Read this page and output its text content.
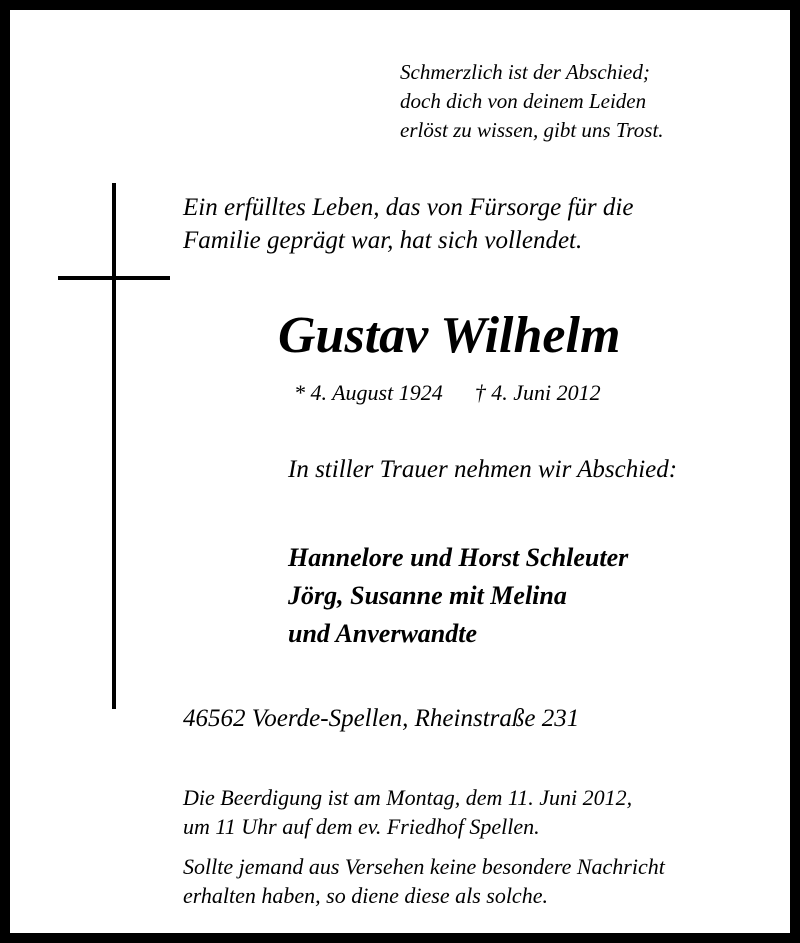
Schmerzlich ist der Abschied;
doch dich von deinem Leiden
erlöst zu wissen, gibt uns Trost.
Ein erfülltes Leben, das von Fürsorge für die
Familie geprägt war, hat sich vollendet.
Gustav Wilhelm
* 4. August 1924 † 4. Juni 2012
In stiller Trauer nehmen wir Abschied:
Hannelore und Horst Schleuter
Jörg, Susanne mit Melina
und Anverwandte
46562 Voerde-Spellen, Rheinstraße 231
Die Beerdigung ist am Montag, dem 11. Juni 2012,
um 11 Uhr auf dem ev. Friedhof Spellen.
Sollte jemand aus Versehen keine besondere Nachricht
erhalten haben, so diene diese als solche.
